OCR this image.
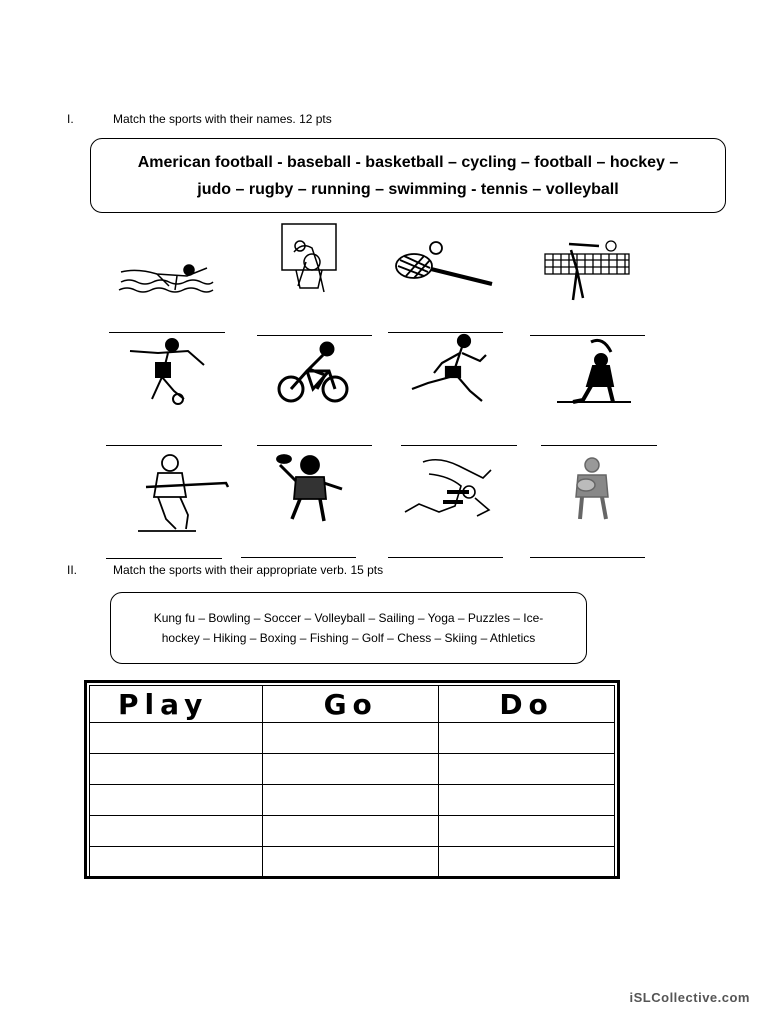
I.	Match the sports with their names. 12 pts
American football - baseball - basketball – cycling – football – hockey –
judo – rugby – running – swimming - tennis – volleyball
II.	Match the sports with their appropriate verb. 15 pts
Kung fu – Bowling – Soccer – Volleyball – Sailing – Yoga – Puzzles – Ice-
hockey – Hiking – Boxing – Fishing – Golf – Chess – Skiing – Athletics
Play	Go	Do

iSLCollective.com
